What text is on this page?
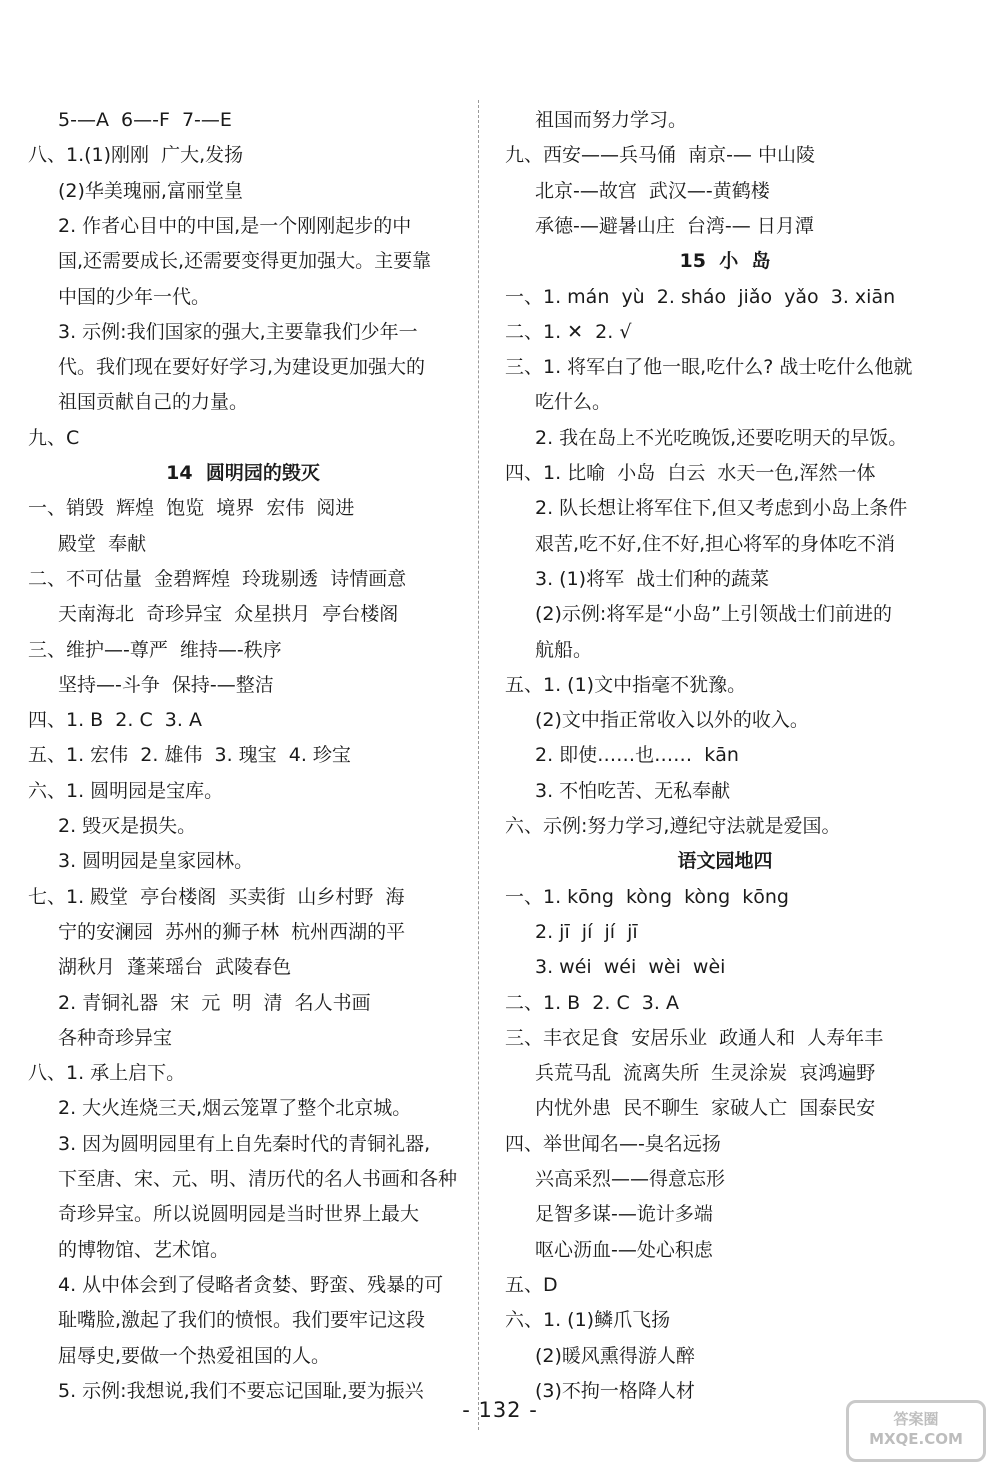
5-—A  6—-F  7-—E
八、1.(1)刚刚  广大,发扬
(2)华美瑰丽,富丽堂皇
2. 作者心目中的中国,是一个刚刚起步的中
国,还需要成长,还需要变得更加强大。主要靠
中国的少年一代。
3. 示例:我们国家的强大,主要靠我们少年一
代。我们现在要好好学习,为建设更加强大的
祖国贡献自己的力量。
九、C
14  圆明园的毁灭
一、销毁  辉煌  饱览  境界  宏伟  阅进
殿堂  奉献
二、不可估量  金碧辉煌  玲珑剔透  诗情画意
天南海北  奇珍异宝  众星拱月  亭台楼阁
三、维护—-尊严  维持—-秩序
坚持—-斗争  保持-—整洁
四、1. B  2. C  3. A
五、1. 宏伟  2. 雄伟  3. 瑰宝  4. 珍宝
六、1. 圆明园是宝库。
2. 毁灭是损失。
3. 圆明园是皇家园林。
七、1. 殿堂  亭台楼阁  买卖街  山乡村野  海
宁的安澜园  苏州的狮子林  杭州西湖的平
湖秋月  蓬莱瑶台  武陵春色
2. 青铜礼器  宋  元  明  清  名人书画
各种奇珍异宝
八、1. 承上启下。
2. 大火连烧三天,烟云笼罩了整个北京城。
3. 因为圆明园里有上自先秦时代的青铜礼器,
下至唐、宋、元、明、清历代的名人书画和各种
奇珍异宝。所以说圆明园是当时世界上最大
的博物馆、艺术馆。
4. 从中体会到了侵略者贪婪、野蛮、残暴的可
耻嘴脸,激起了我们的愤恨。我们要牢记这段
屈辱史,要做一个热爱祖国的人。
5. 示例:我想说,我们不要忘记国耻,要为振兴
祖国而努力学习。
九、西安——兵马俑  南京-— 中山陵
北京-—故宫  武汉—-黄鹤楼
承德-—避暑山庄  台湾-— 日月潭
15  小  岛
一、1. mán  yù  2. sháo  jiǎo  yǎo  3. xiān
二、1. ✕  2. √
三、1. 将军白了他一眼,吃什么? 战士吃什么他就
吃什么。
2. 我在岛上不光吃晚饭,还要吃明天的早饭。
四、1. 比喻  小岛  白云  水天一色,浑然一体
2. 队长想让将军住下,但又考虑到小岛上条件
艰苦,吃不好,住不好,担心将军的身体吃不消
3. (1)将军  战士们种的蔬菜
(2)示例:将军是“小岛”上引领战士们前进的
航船。
五、1. (1)文中指毫不犹豫。
(2)文中指正常收入以外的收入。
2. 即使……也……  kān
3. 不怕吃苦、无私奉献
六、示例:努力学习,遵纪守法就是爱国。
语文园地四
一、1. kōng  kòng  kòng  kōng
2. jī  jí  jí  jī
3. wéi  wéi  wèi  wèi
二、1. B  2. C  3. A
三、丰衣足食  安居乐业  政通人和  人寿年丰
兵荒马乱  流离失所  生灵涂炭  哀鸿遍野
内忧外患  民不聊生  家破人亡  国泰民安
四、举世闻名—-臭名远扬
兴高采烈——得意忘形
足智多谋-—诡计多端
呕心沥血-—处心积虑
五、D
六、1. (1)鳞爪飞扬
(2)暖风熏得游人醉
(3)不拘一格降人材
- 132 -	答案圈 MXQE.COM
